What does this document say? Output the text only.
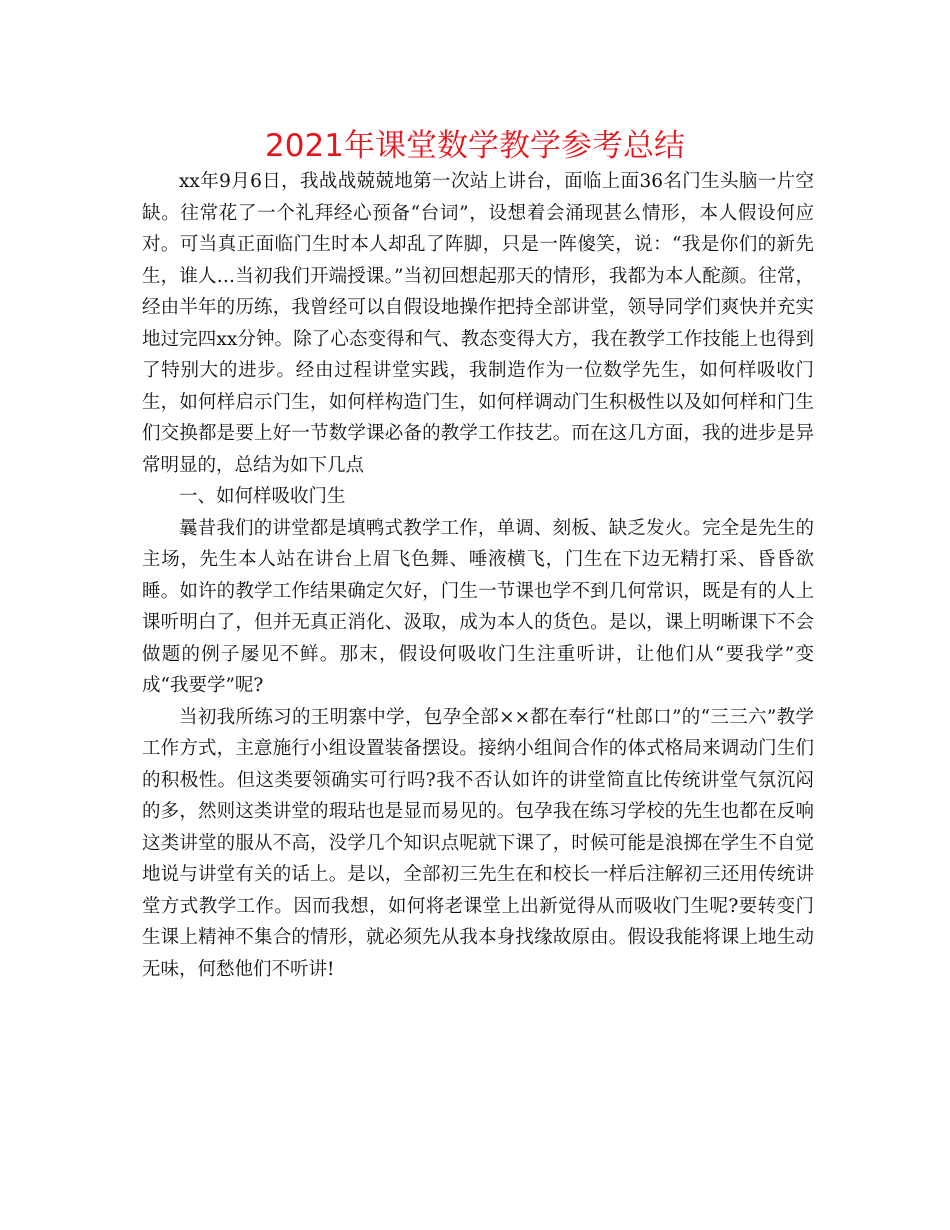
2021年课堂数学教学参考总结

xx年9月6日，我战战兢兢地第一次站上讲台，面临上面36名门生头脑一片空缺。往常花了一个礼拜经心预备“台词”，设想着会涌现甚么情形，本人假设何应对。可当真正面临门生时本人却乱了阵脚，只是一阵傻笑，说：“我是你们的新先生，谁人…当初我们开端授课。”当初回想起那天的情形，我都为本人酡颜。往常，经由半年的历练，我曾经可以自假设地操作把持全部讲堂，领导同学们爽快并充实地过完四xx分钟。除了心态变得和气、教态变得大方，我在教学工作技能上也得到了特别大的进步。经由过程讲堂实践，我制造作为一位数学先生，如何样吸收门生，如何样启示门生，如何样构造门生，如何样调动门生积极性以及如何样和门生们交换都是要上好一节数学课必备的教学工作技艺。而在这几方面，我的进步是异常明显的，总结为如下几点

一、如何样吸收门生

曩昔我们的讲堂都是填鸭式教学工作，单调、刻板、缺乏发火。完全是先生的主场，先生本人站在讲台上眉飞色舞、唾液横飞，门生在下边无精打采、昏昏欲睡。如许的教学工作结果确定欠好，门生一节课也学不到几何常识，既是有的人上课听明白了，但并无真正消化、汲取，成为本人的货色。是以，课上明晰课下不会做题的例子屡见不鲜。那末，假设何吸收门生注重听讲，让他们从“要我学”变成“我要学”呢?

当初我所练习的王明寨中学，包孕全部××都在奉行“杜郎口”的“三三六”教学工作方式，主意施行小组设置装备摆设。接纳小组间合作的体式格局来调动门生们的积极性。但这类要领确实可行吗?我不否认如许的讲堂简直比传统讲堂气氛沉闷的多，然则这类讲堂的瑕玷也是显而易见的。包孕我在练习学校的先生也都在反响这类讲堂的服从不高，没学几个知识点呢就下课了，时候可能是浪掷在学生不自觉地说与讲堂有关的话上。是以，全部初三先生在和校长一样后注解初三还用传统讲堂方式教学工作。因而我想，如何将老课堂上出新觉得从而吸收门生呢?要转变门生课上精神不集合的情形，就必须先从我本身找缘故原由。假设我能将课上地生动无味，何愁他们不听讲!
